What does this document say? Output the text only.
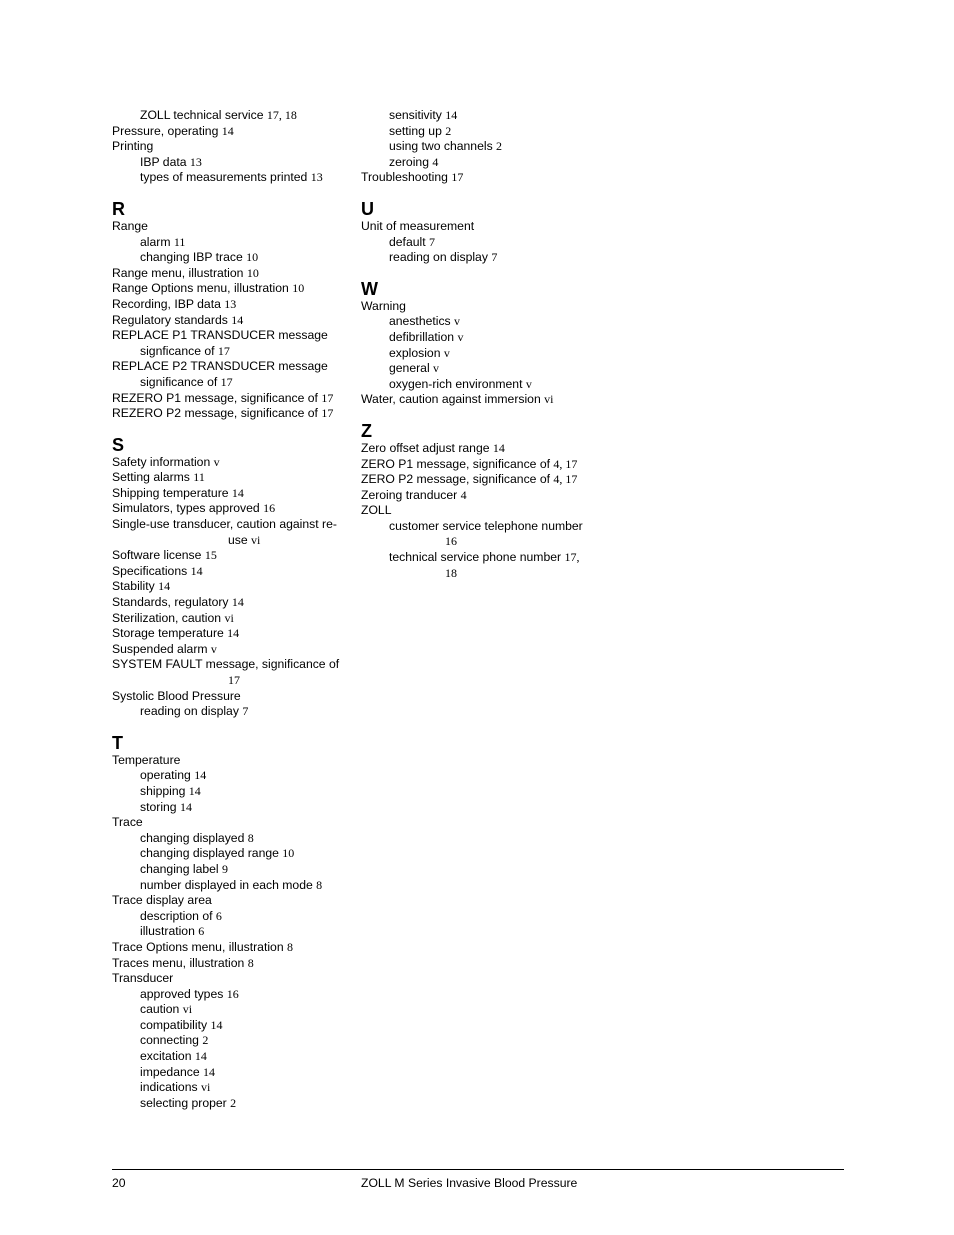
ZOLL technical service 17, 18
Pressure, operating 14
Printing
IBP data 13
types of measurements printed 13
R
Range
alarm 11
changing IBP trace 10
Range menu, illustration 10
Range Options menu, illustration 10
Recording, IBP data 13
Regulatory standards 14
REPLACE P1 TRANSDUCER message
signficance of 17
REPLACE P2 TRANSDUCER message
significance of 17
REZERO P1 message, significance of 17
REZERO P2 message, significance of 17
S
Safety information v
Setting alarms 11
Shipping temperature 14
Simulators, types approved 16
Single-use transducer, caution against re-
use vi
Software license 15
Specifications 14
Stability 14
Standards, regulatory 14
Sterilization, caution vi
Storage temperature 14
Suspended alarm v
SYSTEM FAULT message, significance of
17
Systolic Blood Pressure
reading on display 7
T
Temperature
operating 14
shipping 14
storing 14
Trace
changing displayed 8
changing displayed range 10
changing label 9
number displayed in each mode 8
Trace display area
description of 6
illustration 6
Trace Options menu, illustration 8
Traces menu, illustration 8
Transducer
approved types 16
caution vi
compatibility 14
connecting 2
excitation 14
impedance 14
indications vi
selecting proper 2
sensitivity 14
setting up 2
using two channels 2
zeroing 4
Troubleshooting 17
U
Unit of measurement
default 7
reading on display 7
W
Warning
anesthetics v
defibrillation v
explosion v
general v
oxygen-rich environment v
Water, caution against immersion vi
Z
Zero offset adjust range 14
ZERO P1 message, significance of 4, 17
ZERO P2 message, significance of 4, 17
Zeroing tranducer 4
ZOLL
customer service telephone number
16
technical service phone number 17,
18
20	ZOLL M Series Invasive Blood Pressure
